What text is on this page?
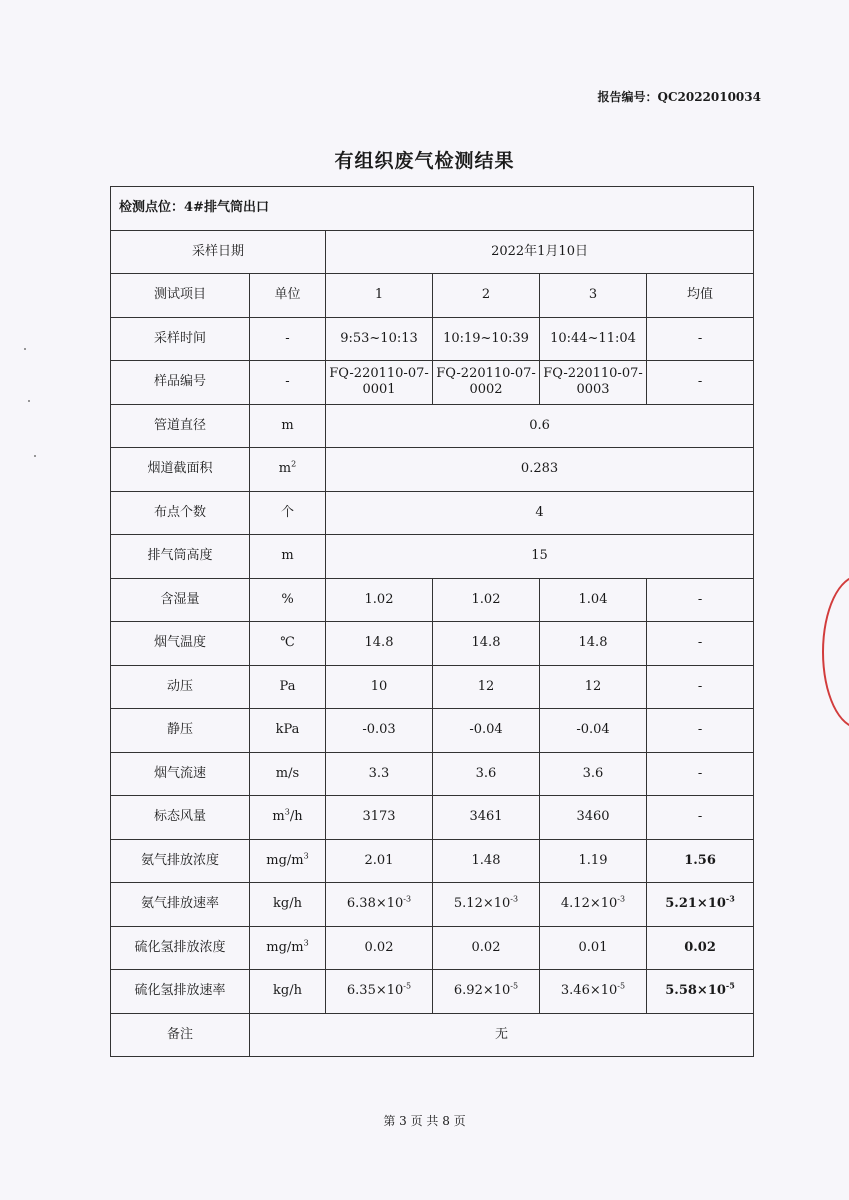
报告编号：QC2022010034
有组织废气检测结果
检测点位：4#排气筒出口					
采样日期		2022年1月10日			
测试项目	单位	1	2	3	均值
采样时间	-	9:53~10:13	10:19~10:39	10:44~11:04	-
样品编号	-	FQ-220110-07-0001	FQ-220110-07-0002	FQ-220110-07-0003	-
管道直径	m	0.6			
烟道截面积	$m^2$	0.283			
布点个数	个	4			
排气筒高度	m	15			
含湿量	%	1.02	1.02	1.04	-
烟气温度	℃	14.8	14.8	14.8	-
动压	Pa	10	12	12	-
静压	kPa	-0.03	-0.04	-0.04	-
烟气流速	m/s	3.3	3.6	3.6	-
标态风量	$m^3/h$	3173	3461	3460	-
氨气排放浓度	$mg/m^3$	2.01	1.48	1.19	1.56
氨气排放速率	kg/h	$6.38\times 10^{-3}$	$5.12\times 10^{-3}$	$4.12\times 10^{-3}$	$5.21\times 10^{-3}$
硫化氢排放浓度	$mg/m^3$	0.02	0.02	0.01	0.02
硫化氢排放速率	kg/h	$6.35\times 10^{-5}$	$6.92\times 10^{-5}$	$3.46\times 10^{-5}$	$5.58\times 10^{-5}$
备注	无				
第 3 页 共 8 页
